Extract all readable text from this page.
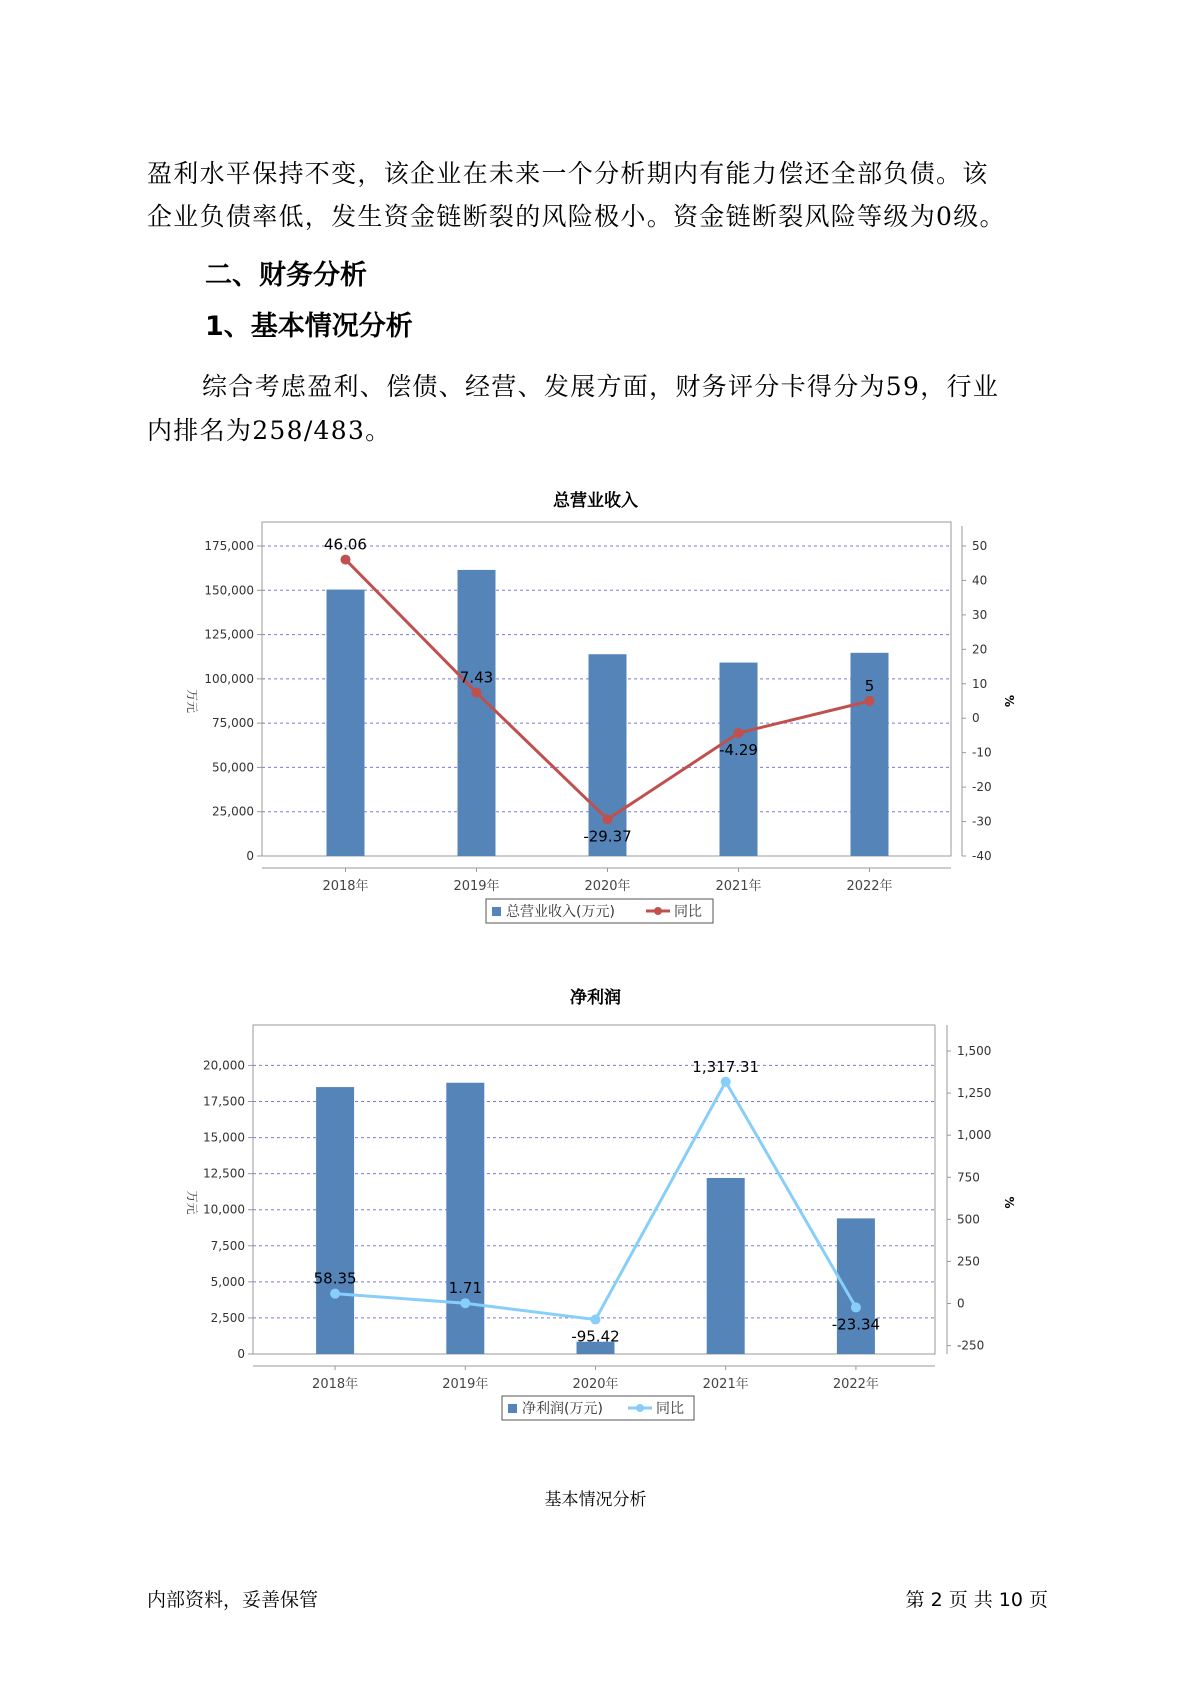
盈利水平保持不变，该企业在未来一个分析期内有能力偿还全部负债。该

企业负债率低，发生资金链断裂的风险极小。资金链断裂风险等级为0级。

二、财务分析
1、基本情况分析

综合考虑盈利、偿债、经营、发展方面，财务评分卡得分为59，行业

内排名为258/483。

总营业收入
0
25,000
50,000
75,000
100,000
125,000
150,000
175,000
-40
-30
-20
-10
0
10
20
30
40
50
万元	%
2018年	2019年	2020年	2021年	2022年
46.06
7.43
-29.37
-4.29
5
总营业收入(万元)	同比
净利润
0
2,500
5,000
7,500
10,000
12,500
15,000
17,500
20,000
-250
0
250
500
750
1,000
1,250
1,500
万元	%
2018年	2019年	2020年	2021年	2022年
58.35
1.71
-95.42
1,317.31
-23.34
净利润(万元)	同比
基本情况分析
内部资料，妥善保管	第 2 页 共 10 页
